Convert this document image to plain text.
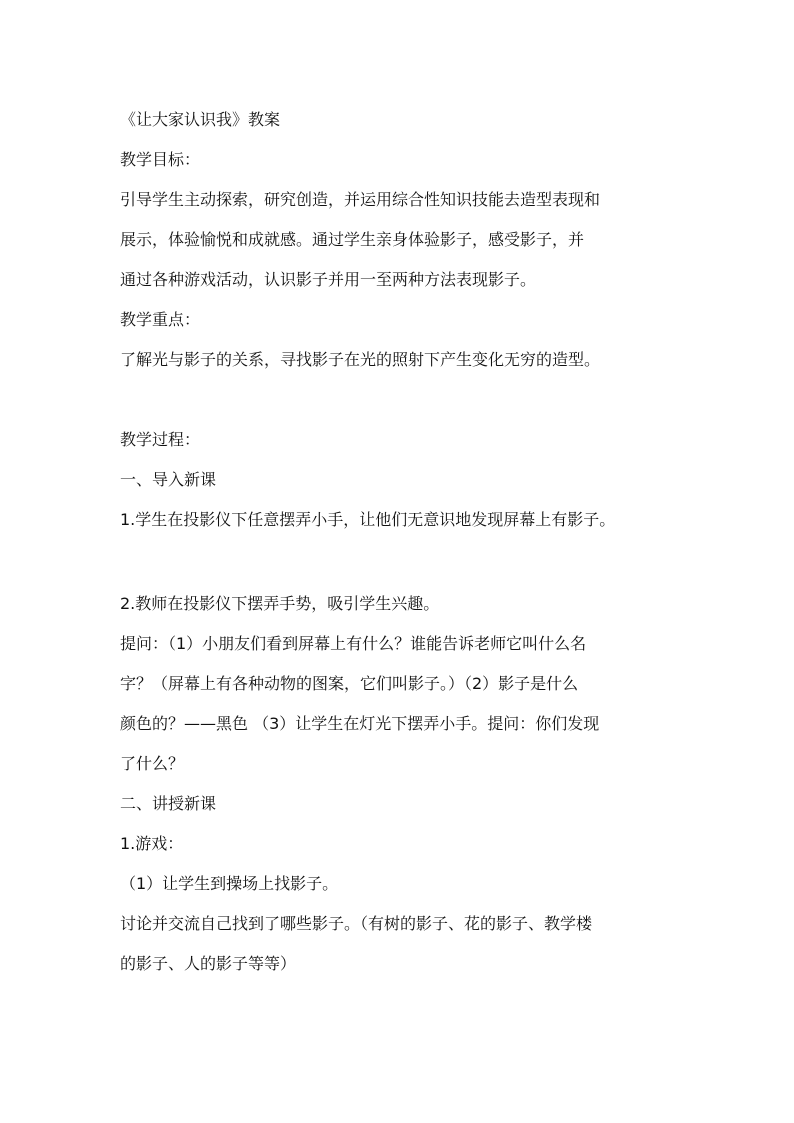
《让大家认识我》教案
教学目标：
引导学生主动探索，研究创造，并运用综合性知识技能去造型表现和
展示，体验愉悦和成就感。通过学生亲身体验影子，感受影子，并
通过各种游戏活动，认识影子并用一至两种方法表现影子。
教学重点：
了解光与影子的关系，寻找影子在光的照射下产生变化无穷的造型。
教学过程：
一、导入新课
1.学生在投影仪下任意摆弄小手，让他们无意识地发现屏幕上有影子。
2.教师在投影仪下摆弄手势，吸引学生兴趣。
提问：（1）小朋友们看到屏幕上有什么？谁能告诉老师它叫什么名
字？（屏幕上有各种动物的图案，它们叫影子。）（2）影子是什么
颜色的？——黑色 （3）让学生在灯光下摆弄小手。提问：你们发现
了什么？
二、讲授新课
1.游戏：
（1）让学生到操场上找影子。
讨论并交流自己找到了哪些影子。（有树的影子、花的影子、教学楼
的影子、人的影子等等）
